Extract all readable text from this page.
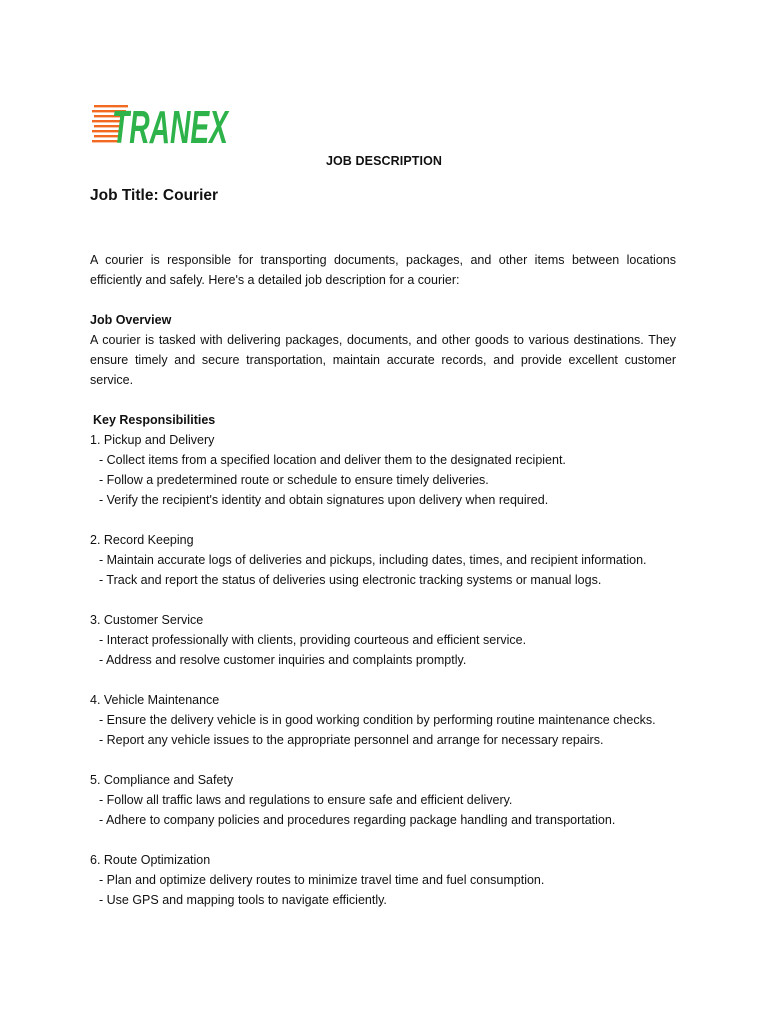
TRANEX
JOB DESCRIPTION
Job Title: Courier

A courier is responsible for transporting documents, packages, and other items between locations efficiently and safely. Here's a detailed job description for a courier:

Job Overview

A courier is tasked with delivering packages, documents, and other goods to various destinations. They ensure timely and secure transportation, maintain accurate records, and provide excellent customer service.

Key Responsibilities

1. Pickup and Delivery

- Collect items from a specified location and deliver them to the designated recipient.

- Follow a predetermined route or schedule to ensure timely deliveries.

- Verify the recipient's identity and obtain signatures upon delivery when required.

2. Record Keeping

- Maintain accurate logs of deliveries and pickups, including dates, times, and recipient information.

- Track and report the status of deliveries using electronic tracking systems or manual logs.

3. Customer Service

- Interact professionally with clients, providing courteous and efficient service.

- Address and resolve customer inquiries and complaints promptly.

4. Vehicle Maintenance

- Ensure the delivery vehicle is in good working condition by performing routine maintenance checks.

- Report any vehicle issues to the appropriate personnel and arrange for necessary repairs.

5. Compliance and Safety

- Follow all traffic laws and regulations to ensure safe and efficient delivery.

- Adhere to company policies and procedures regarding package handling and transportation.

6. Route Optimization

- Plan and optimize delivery routes to minimize travel time and fuel consumption.

- Use GPS and mapping tools to navigate efficiently.
